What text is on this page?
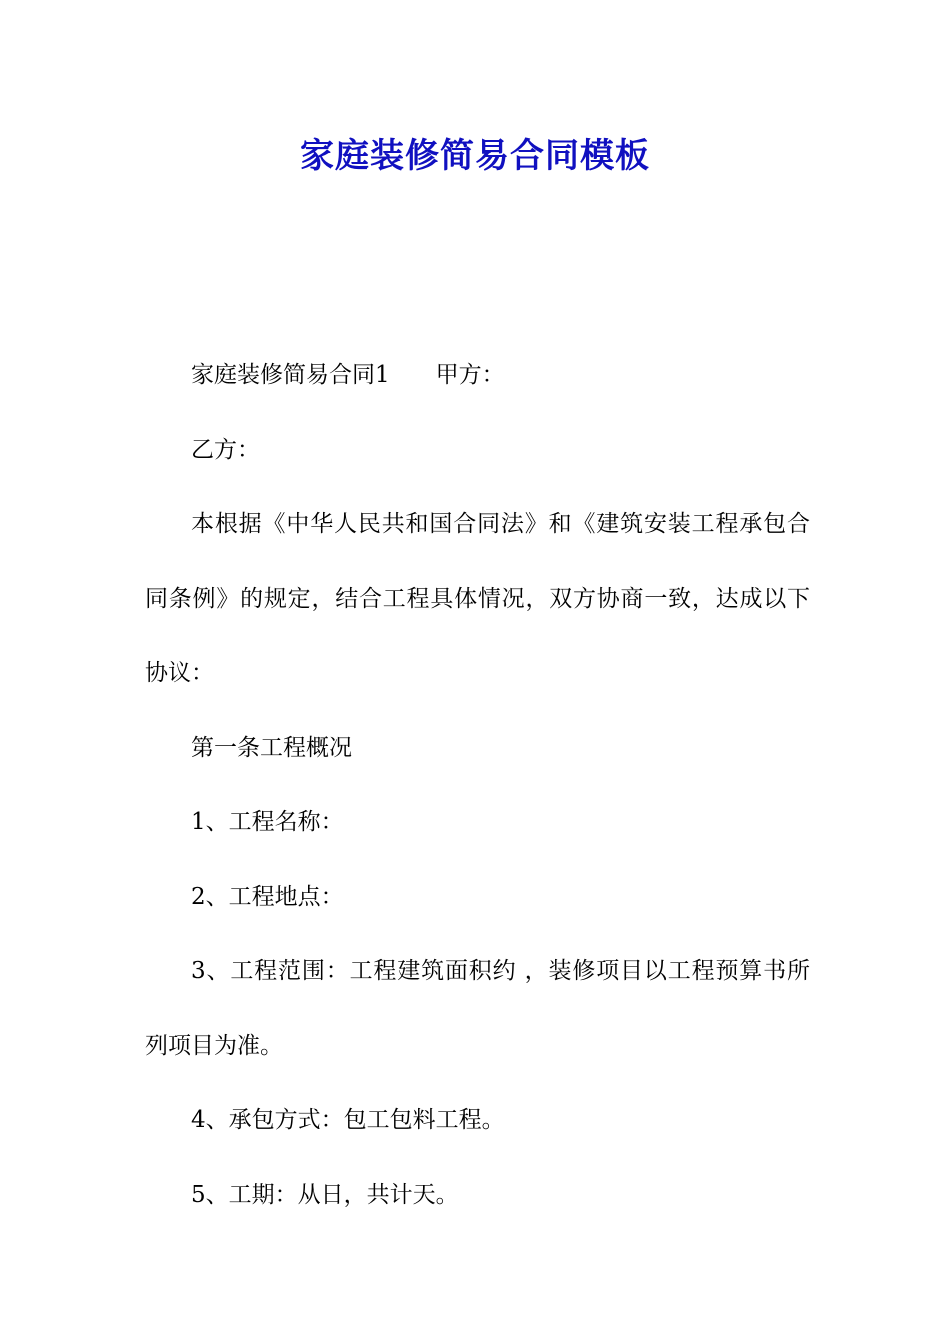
家庭装修简易合同模板

家庭装修简易合同1 甲方：

乙方：

本根据《中华人民共和国合同法》和《建筑安装工程承包合同条例》的规定，结合工程具体情况，双方协商一致，达成以下协议：

第一条工程概况

1、工程名称：

2、工程地点：

3、工程范围：工程建筑面积约 ，装修项目以工程预算书所列项目为准。

4、承包方式：包工包料工程。

5、工期：从日，共计天。
